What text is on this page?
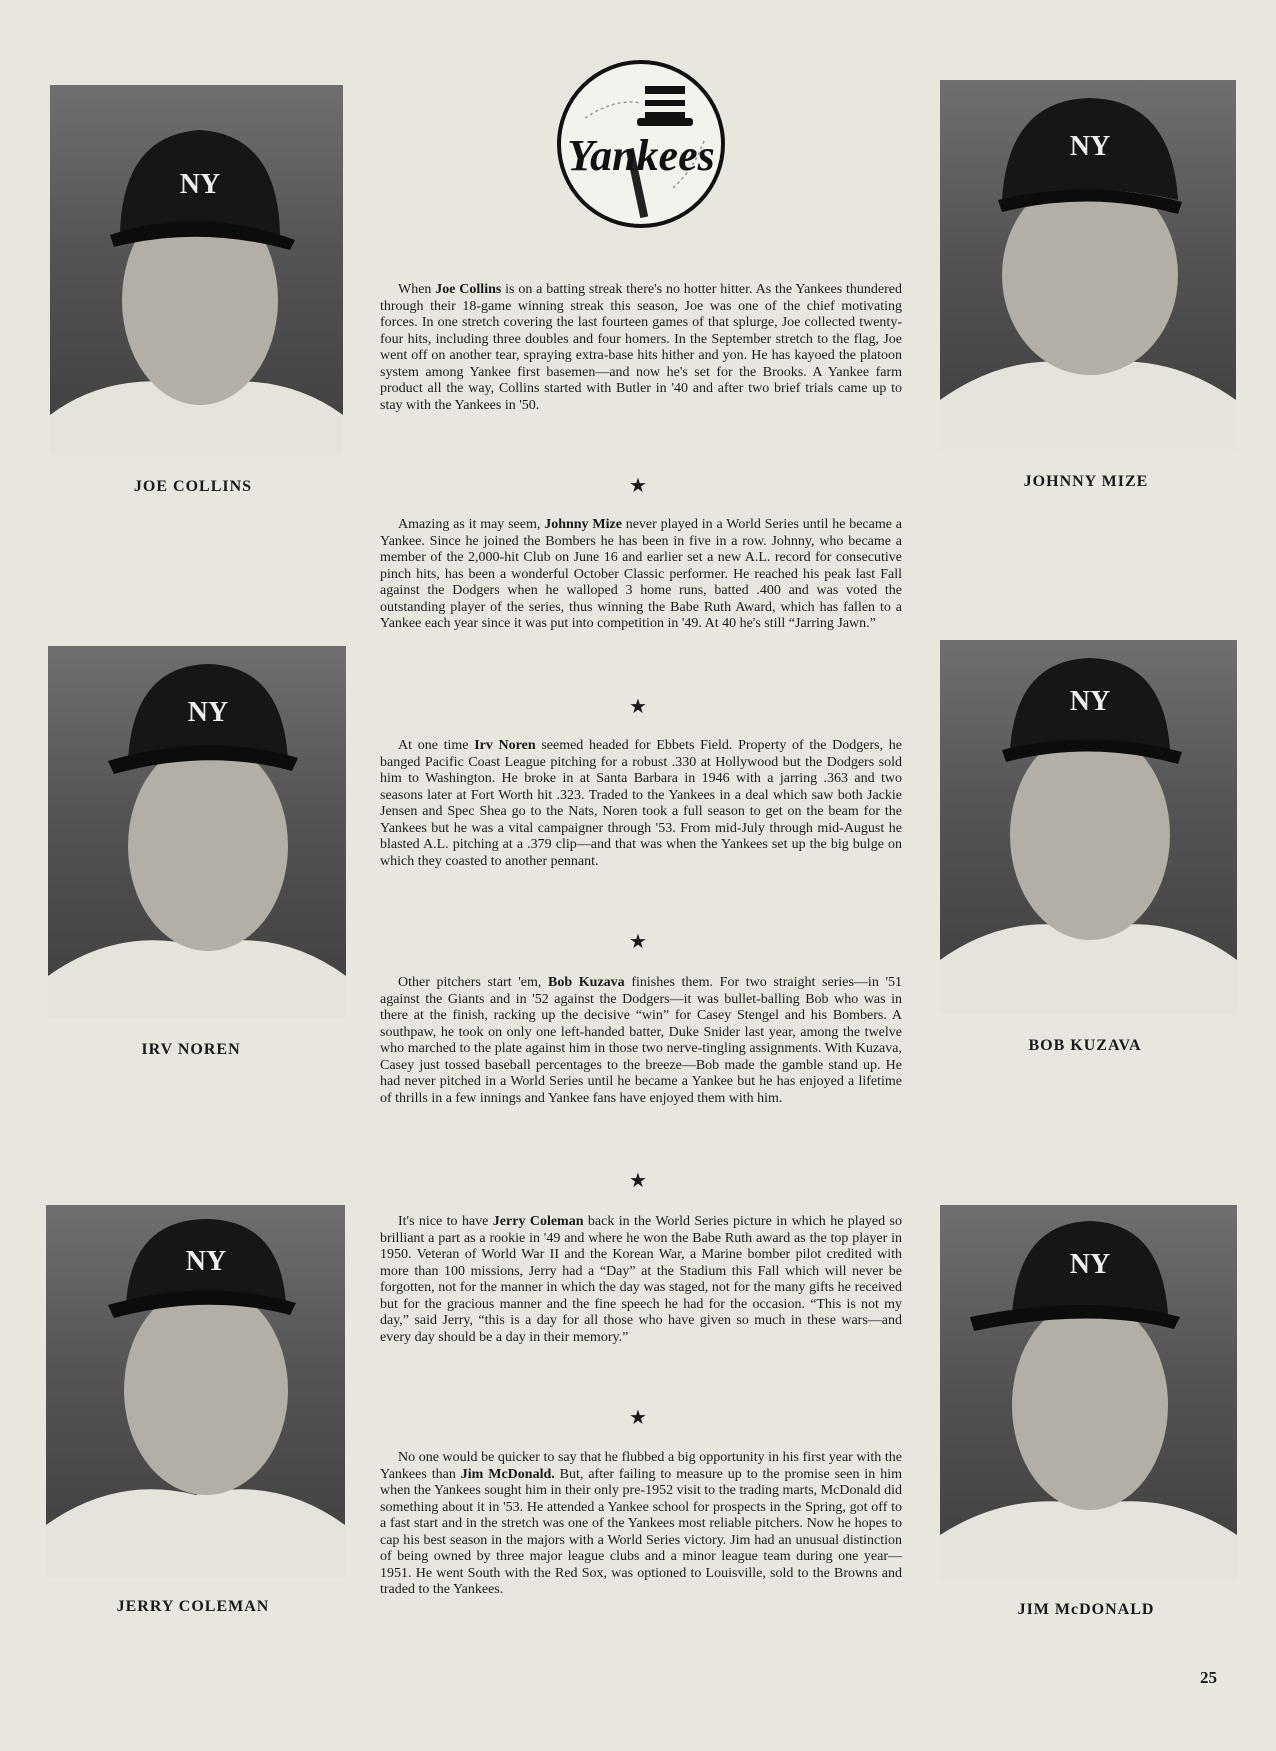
Yankees
NY
NY
NY
NY
NY
NY
JOE COLLINS	JOHNNY MIZE
IRV NOREN	BOB KUZAVA
JERRY COLEMAN	JIM McDONALD

When Joe Collins is on a batting streak there's no hotter hitter. As the Yankees thundered through their 18-game winning streak this season, Joe was one of the chief motivating forces. In one stretch covering the last fourteen games of that splurge, Joe collected twenty-four hits, including three doubles and four homers. In the September stretch to the flag, Joe went off on another tear, spraying extra-base hits hither and yon. He has kayoed the platoon system among Yankee first basemen—and now he's set for the Brooks. A Yankee farm product all the way, Collins started with Butler in '40 and after two brief trials came up to stay with the Yankees in '50.

★

Amazing as it may seem, Johnny Mize never played in a World Series until he became a Yankee. Since he joined the Bombers he has been in five in a row. Johnny, who became a member of the 2,000-hit Club on June 16 and earlier set a new A.L. record for consecutive pinch hits, has been a wonderful October Classic performer. He reached his peak last Fall against the Dodgers when he walloped 3 home runs, batted .400 and was voted the outstanding player of the series, thus winning the Babe Ruth Award, which has fallen to a Yankee each year since it was put into competition in '49. At 40 he's still “Jarring Jawn.”

★

At one time Irv Noren seemed headed for Ebbets Field. Property of the Dodgers, he banged Pacific Coast League pitching for a robust .330 at Hollywood but the Dodgers sold him to Washington. He broke in at Santa Barbara in 1946 with a jarring .363 and two seasons later at Fort Worth hit .323. Traded to the Yankees in a deal which saw both Jackie Jensen and Spec Shea go to the Nats, Noren took a full season to get on the beam for the Yankees but he was a vital campaigner through '53. From mid-July through mid-August he blasted A.L. pitching at a .379 clip—and that was when the Yankees set up the big bulge on which they coasted to another pennant.

★

Other pitchers start 'em, Bob Kuzava finishes them. For two straight series—in '51 against the Giants and in '52 against the Dodgers—it was bullet-balling Bob who was in there at the finish, racking up the decisive “win” for Casey Stengel and his Bombers. A southpaw, he took on only one left-handed batter, Duke Snider last year, among the twelve who marched to the plate against him in those two nerve-tingling assignments. With Kuzava, Casey just tossed baseball percentages to the breeze—Bob made the gamble stand up. He had never pitched in a World Series until he became a Yankee but he has enjoyed a lifetime of thrills in a few innings and Yankee fans have enjoyed them with him.

★

It's nice to have Jerry Coleman back in the World Series picture in which he played so brilliant a part as a rookie in '49 and where he won the Babe Ruth award as the top player in 1950. Veteran of World War II and the Korean War, a Marine bomber pilot credited with more than 100 missions, Jerry had a “Day” at the Stadium this Fall which will never be forgotten, not for the manner in which the day was staged, not for the many gifts he received but for the gracious manner and the fine speech he had for the occasion. “This is not my day,” said Jerry, “this is a day for all those who have given so much in these wars—and every day should be a day in their memory.”

★

No one would be quicker to say that he flubbed a big opportunity in his first year with the Yankees than Jim McDonald. But, after failing to measure up to the promise seen in him when the Yankees sought him in their only pre-1952 visit to the trading marts, McDonald did something about it in '53. He attended a Yankee school for prospects in the Spring, got off to a fast start and in the stretch was one of the Yankees most reliable pitchers. Now he hopes to cap his best season in the majors with a World Series victory. Jim had an unusual distinction of being owned by three major league clubs and a minor league team during one year—1951. He went South with the Red Sox, was optioned to Louisville, sold to the Browns and traded to the Yankees.

25
